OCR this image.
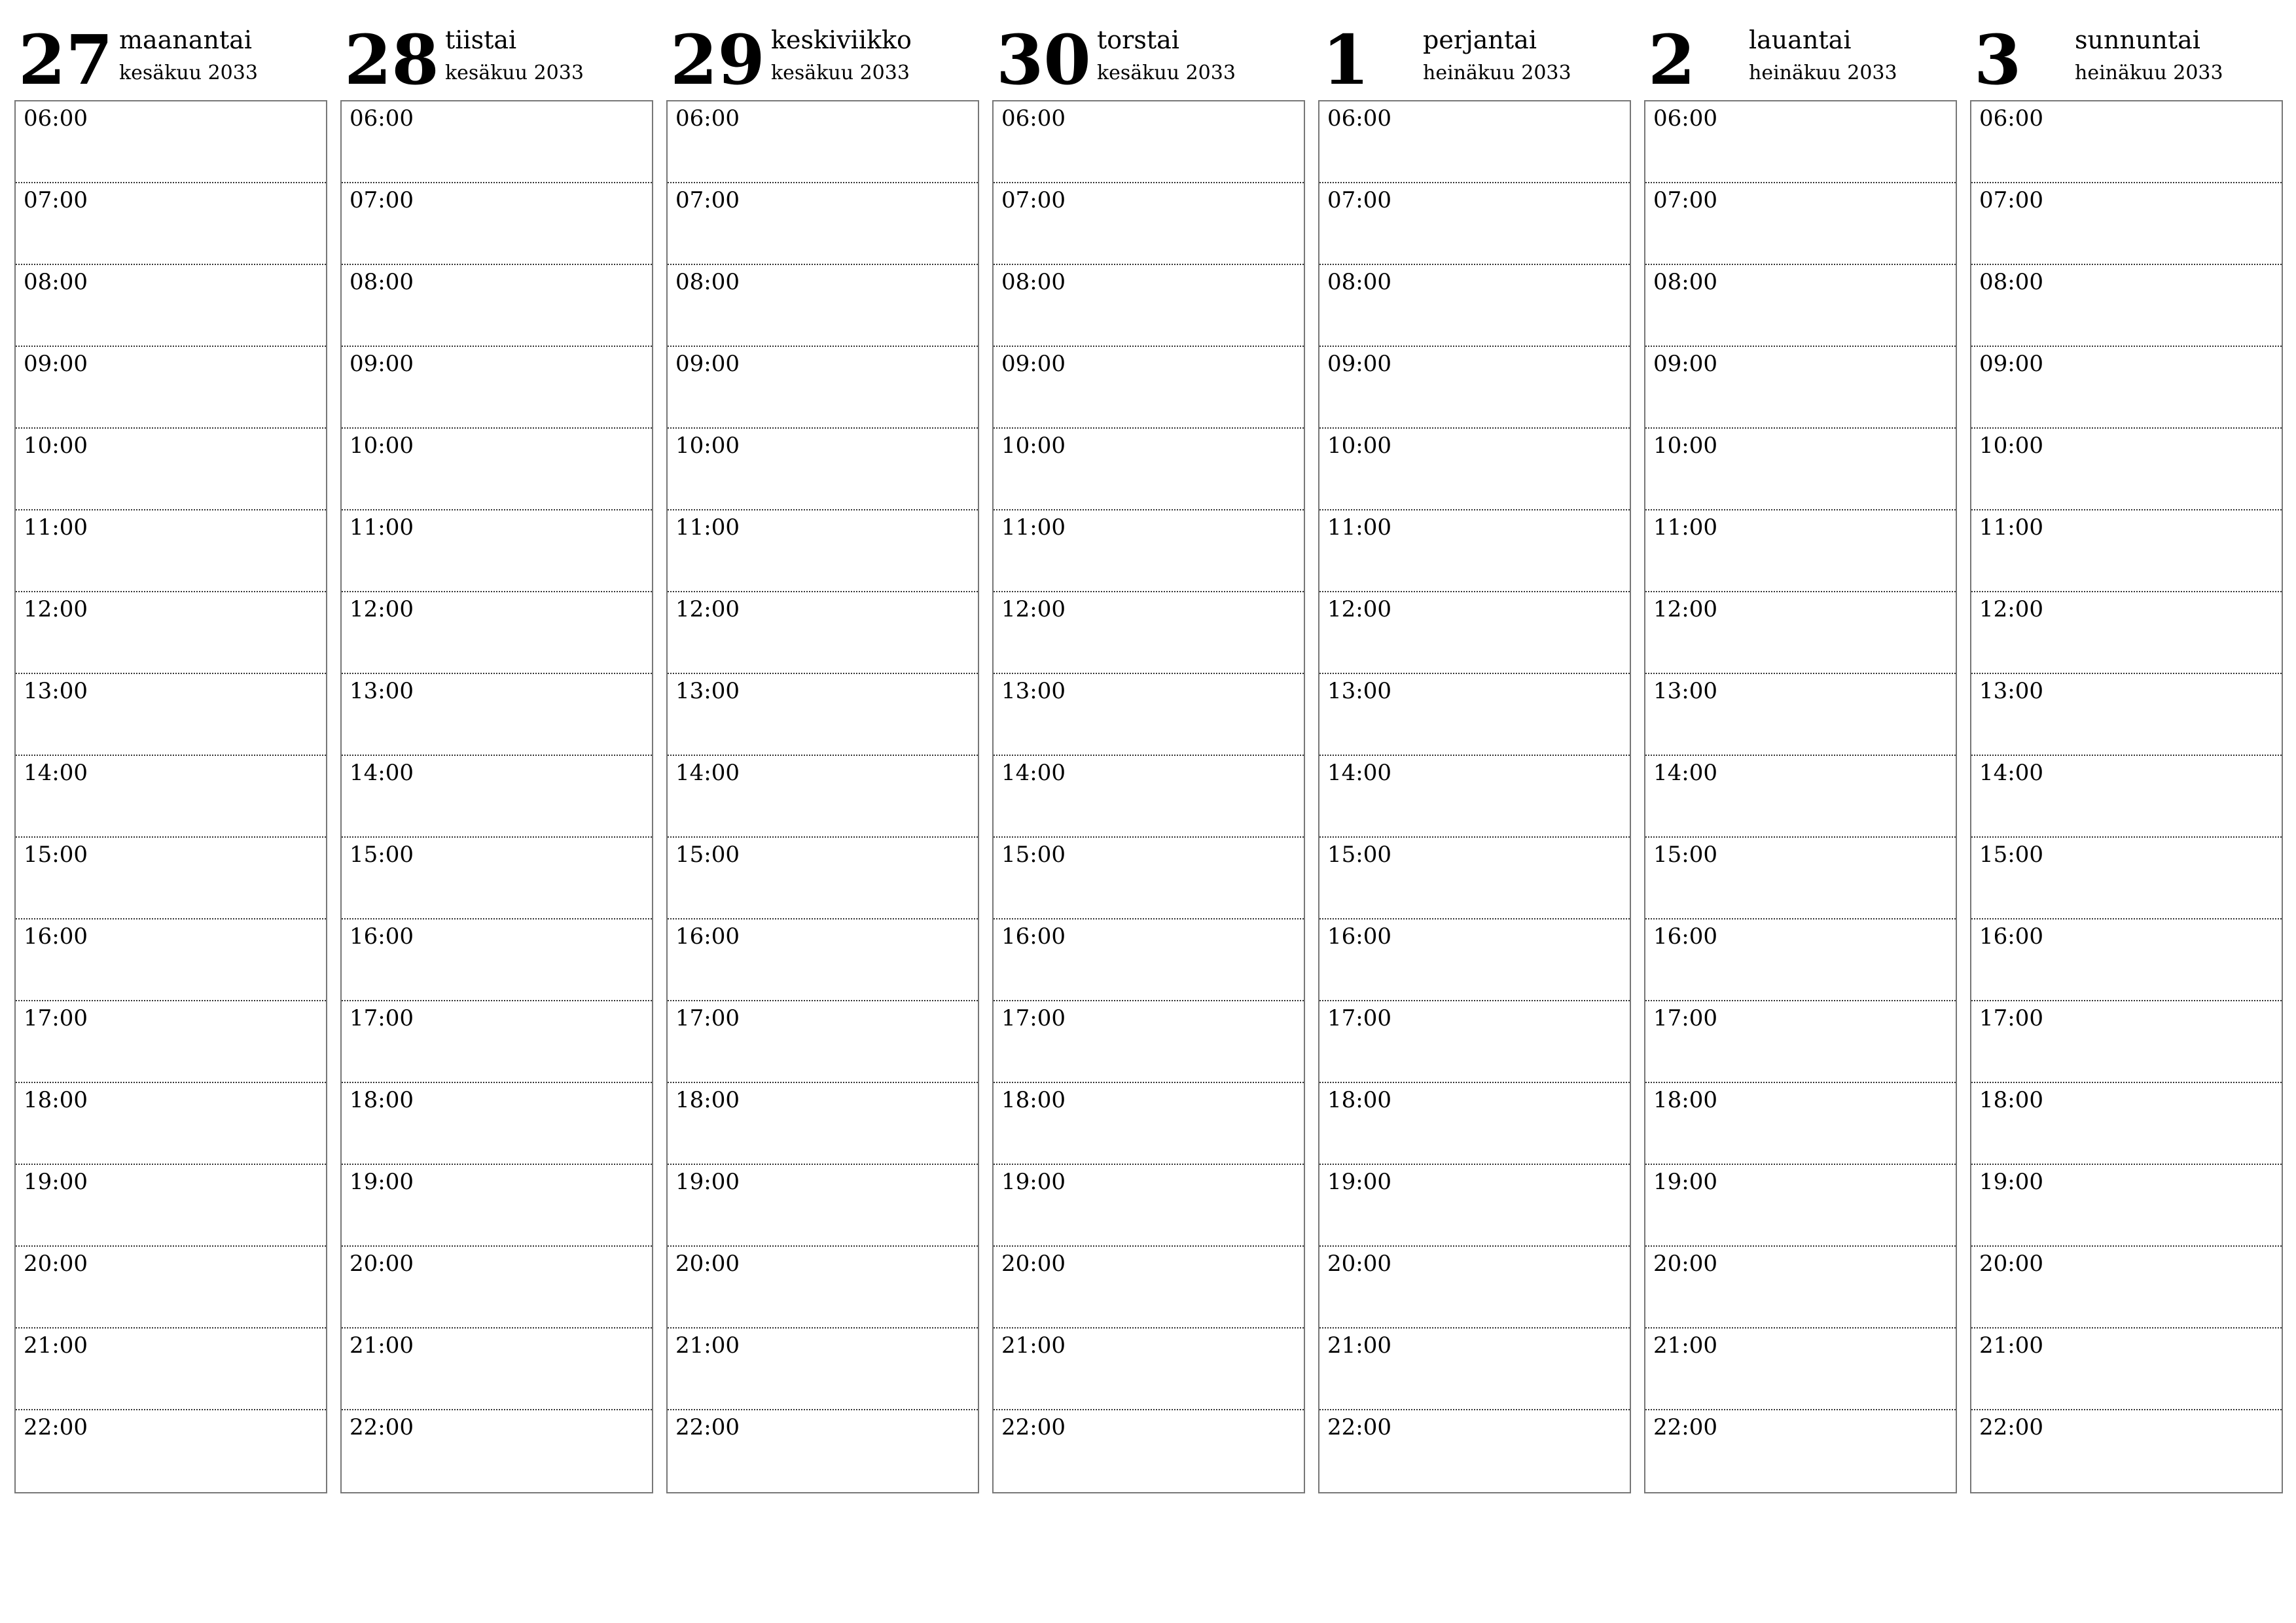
27 maanantai
kesäkuu 2033
06:00
07:00
08:00
09:00
10:00
11:00
12:00
13:00
14:00
15:00
16:00
17:00
18:00
19:00
20:00
21:00
22:00
28 tiistai
kesäkuu 2033
06:00
07:00
08:00
09:00
10:00
11:00
12:00
13:00
14:00
15:00
16:00
17:00
18:00
19:00
20:00
21:00
22:00
29 keskiviikko
kesäkuu 2033
06:00
07:00
08:00
09:00
10:00
11:00
12:00
13:00
14:00
15:00
16:00
17:00
18:00
19:00
20:00
21:00
22:00
30 torstai
kesäkuu 2033
06:00
07:00
08:00
09:00
10:00
11:00
12:00
13:00
14:00
15:00
16:00
17:00
18:00
19:00
20:00
21:00
22:00
1 perjantai
heinäkuu 2033
06:00
07:00
08:00
09:00
10:00
11:00
12:00
13:00
14:00
15:00
16:00
17:00
18:00
19:00
20:00
21:00
22:00
2 lauantai
heinäkuu 2033
06:00
07:00
08:00
09:00
10:00
11:00
12:00
13:00
14:00
15:00
16:00
17:00
18:00
19:00
20:00
21:00
22:00
3 sunnuntai
heinäkuu 2033
06:00
07:00
08:00
09:00
10:00
11:00
12:00
13:00
14:00
15:00
16:00
17:00
18:00
19:00
20:00
21:00
22:00
